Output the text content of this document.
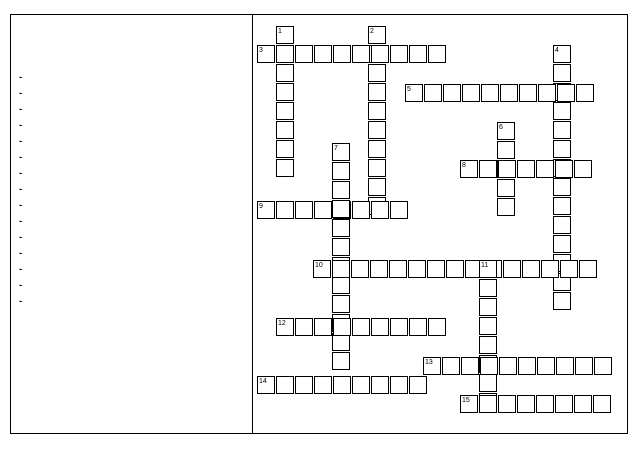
-
-
-
-
-
-
-
-
-
-
-
-
-
-
-
1	2
3	4
5
6
8
9
7
10	11
12
13
14
15
